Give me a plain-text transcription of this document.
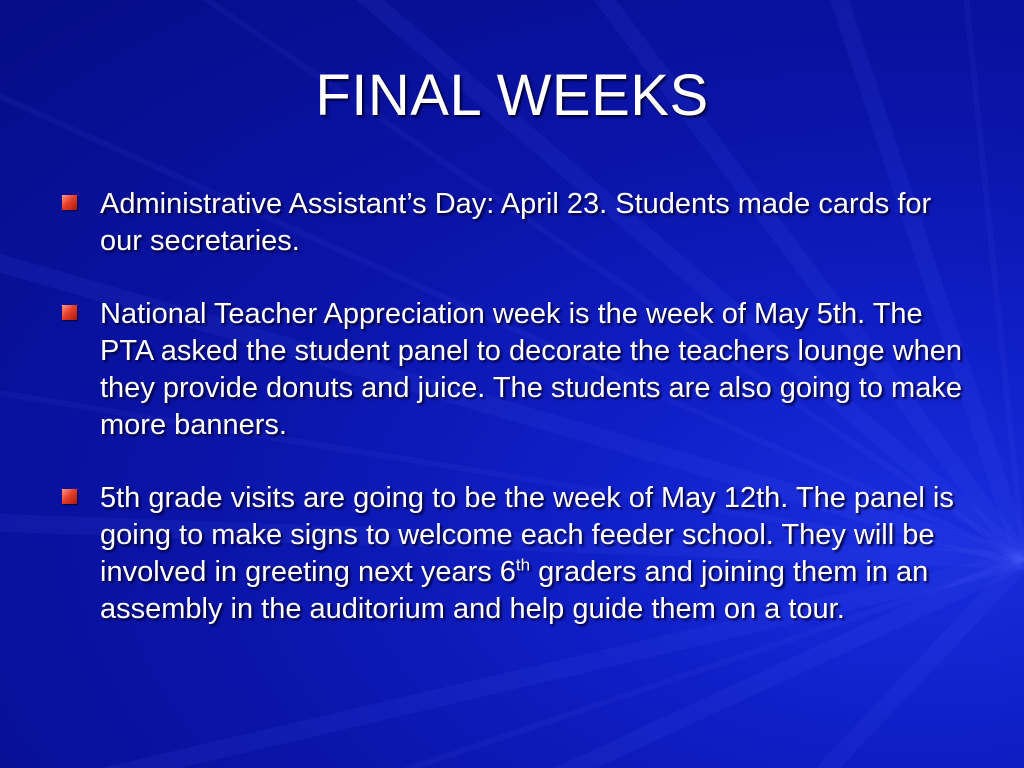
FINAL WEEKS
Administrative Assistant’s Day: April 23. Students made cards for our secretaries.
National Teacher Appreciation week is the week of May 5th. The PTA asked the student panel to decorate the teachers lounge when they provide donuts and juice. The students are also going to make more banners.
5th grade visits are going to be the week of May 12th. The panel is going to make signs to welcome each feeder school. They will be involved in greeting next years 6th graders and joining them in an assembly in the auditorium and help guide them on a tour.
